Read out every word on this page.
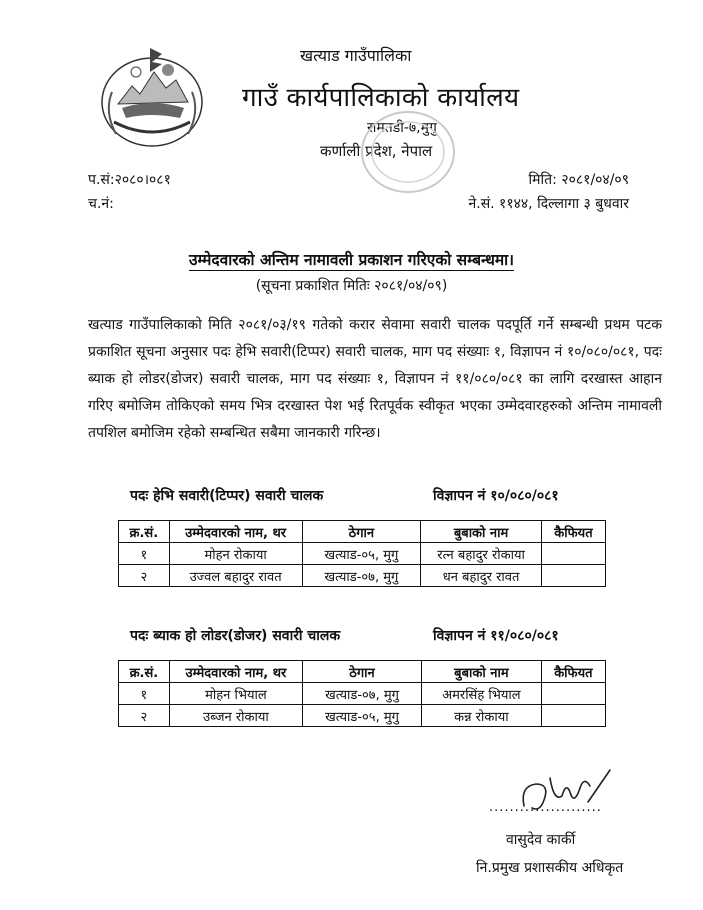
खत्याड गाउँपालिका
गाउँ कार्यपालिकाको कार्यालय
रामतडी-७,मुगु
कर्णाली प्रदेश, नेपाल
प.सं:२०८०।०८१
च.नं:
मिति: २०८१/०४/०९
ने.सं. ११४४, दिल्लागा ३ बुधवार
उम्मेदवारको अन्तिम नामावली प्रकाशन गरिएको सम्बन्धमा।
(सूचना प्रकाशित मितिः २०८१/०४/०९)
खत्याड गाउँपालिकाको मिति २०८१/०३/१९ गतेको करार सेवामा सवारी चालक पदपूर्ति गर्ने सम्बन्धी प्रथम पटक प्रकाशित सूचना अनुसार पदः हेभि सवारी(टिप्पर) सवारी चालक, माग पद संख्याः १, विज्ञापन नं १०/०८०/०८१, पदः ब्याक हो लोडर(डोजर) सवारी चालक, माग पद संख्याः १, विज्ञापन नं ११/०८०/०८१ का लागि दरखास्त आहान गरिए बमोजिम तोकिएको समय भित्र दरखास्त पेश भई रितपूर्वक स्वीकृत भएका उम्मेदवारहरुको अन्तिम नामावली तपशिल बमोजिम रहेको सम्बन्धित सबैमा जानकारी गरिन्छ।
पदः हेभि सवारी(टिप्पर) सवारी चालक	विज्ञापन नं १०/०८०/०८१
क्र.सं.	उम्मेदवारको नाम, थर	ठेगान	बुबाको नाम	कैफियत
१	मोहन रोकाया	खत्याड-०५, मुगु	रत्न बहादुर रोकाया	
२	उज्वल बहादुर रावत	खत्याड-०७, मुगु	धन बहादुर रावत	
पदः ब्याक हो लोडर(डोजर) सवारी चालक	विज्ञापन नं ११/०८०/०८१
क्र.सं.	उम्मेदवारको नाम, थर	ठेगान	बुबाको नाम	कैफियत
१	मोहन भियाल	खत्याड-०७, मुगु	अमरसिंह भियाल	
२	उब्जन रोकाया	खत्याड-०५, मुगु	कन्न रोकाया	
......................
वासुदेव कार्की
नि.प्रमुख प्रशासकीय अधिकृत
